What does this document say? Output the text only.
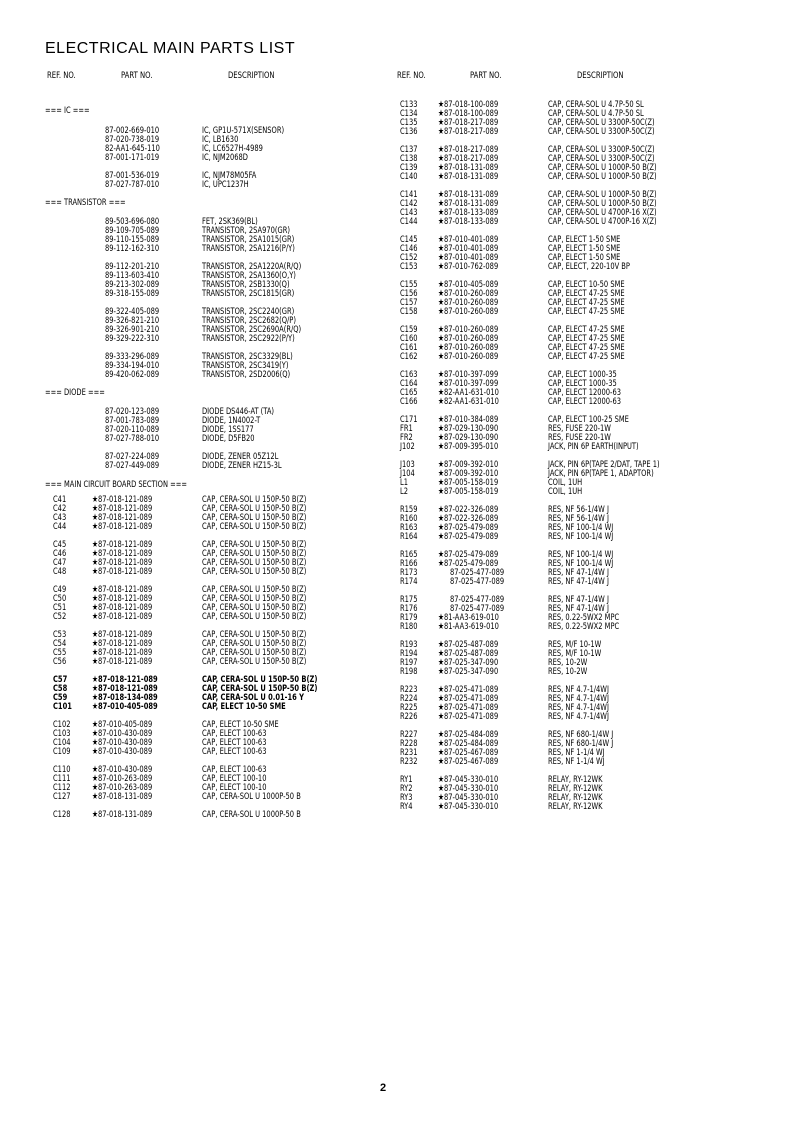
ELECTRICAL MAIN PARTS LIST
REF. NO.	PART NO.	DESCRIPTION
=== IC ===
87-002-669-010	IC, GP1U-571X(SENSOR)
87-020-738-019	IC, LB1630
82-AA1-645-110	IC, LC6527H-4989
87-001-171-019	IC, NJM2068D
87-001-536-019	IC, NJM78M05FA
87-027-787-010	IC, UPC1237H
=== TRANSISTOR ===
89-503-696-080	FET, 2SK369(BL)
89-109-705-089	TRANSISTOR, 2SA970(GR)
89-110-155-089	TRANSISTOR, 2SA1015(GR)
89-112-162-310	TRANSISTOR, 2SA1216(P/Y)
89-112-201-210	TRANSISTOR, 2SA1220A(R/Q)
89-113-603-410	TRANSISTOR, 2SA1360(O,Y)
89-213-302-089	TRANSISTOR, 2SB1330(Q)
89-318-155-089	TRANSISTOR, 2SC1815(GR)
89-322-405-089	TRANSISTOR, 2SC2240(GR)
89-326-821-210	TRANSISTOR, 2SC2682(Q/P)
89-326-901-210	TRANSISTOR, 2SC2690A(R/Q)
89-329-222-310	TRANSISTOR, 2SC2922(P/Y)
89-333-296-089	TRANSISTOR, 2SC3329(BL)
89-334-194-010	TRANSISTOR, 2SC3419(Y)
89-420-062-089	TRANSISTOR, 2SD2006(Q)
=== DIODE ===
87-020-123-089	DIODE DS446-AT (TA)
87-001-783-089	DIODE, 1N4002-T
87-020-110-089	DIODE, 1SS177
87-027-788-010	DIODE, D5FB20
87-027-224-089	DIODE, ZENER 05Z12L
87-027-449-089	DIODE, ZENER HZ15-3L
=== MAIN CIRCUIT BOARD SECTION ===
C41	★87-018-121-089	CAP, CERA-SOL U 150P-50 B(Z)
C42	★87-018-121-089	CAP, CERA-SOL U 150P-50 B(Z)
C43	★87-018-121-089	CAP, CERA-SOL U 150P-50 B(Z)
C44	★87-018-121-089	CAP, CERA-SOL U 150P-50 B(Z)
C45	★87-018-121-089	CAP, CERA-SOL U 150P-50 B(Z)
C46	★87-018-121-089	CAP, CERA-SOL U 150P-50 B(Z)
C47	★87-018-121-089	CAP, CERA-SOL U 150P-50 B(Z)
C48	★87-018-121-089	CAP, CERA-SOL U 150P-50 B(Z)
C49	★87-018-121-089	CAP, CERA-SOL U 150P-50 B(Z)
C50	★87-018-121-089	CAP, CERA-SOL U 150P-50 B(Z)
C51	★87-018-121-089	CAP, CERA-SOL U 150P-50 B(Z)
C52	★87-018-121-089	CAP, CERA-SOL U 150P-50 B(Z)
C53	★87-018-121-089	CAP, CERA-SOL U 150P-50 B(Z)
C54	★87-018-121-089	CAP, CERA-SOL U 150P-50 B(Z)
C55	★87-018-121-089	CAP, CERA-SOL U 150P-50 B(Z)
C56	★87-018-121-089	CAP, CERA-SOL U 150P-50 B(Z)
C57	★87-018-121-089	CAP, CERA-SOL U 150P-50 B(Z)
C58	★87-018-121-089	CAP, CERA-SOL U 150P-50 B(Z)
C59	★87-018-134-089	CAP, CERA-SOL U 0.01-16 Y
C101 ★87-010-405-089	CAP, ELECT 10-50 SME
C102 ★87-010-405-089	CAP, ELECT 10-50 SME
C103 ★87-010-430-089	CAP, ELECT 100-63
C104 ★87-010-430-089	CAP, ELECT 100-63
C109 ★87-010-430-089	CAP, ELECT 100-63
C110 ★87-010-430-089	CAP, ELECT 100-63
C111 ★87-010-263-089	CAP, ELECT 100-10
C112 ★87-010-263-089	CAP, ELECT 100-10
C127 ★87-018-131-089	CAP, CERA-SOL U 1000P-50 B
C128 ★87-018-131-089	CAP, CERA-SOL U 1000P-50 B
REF. NO.	PART NO.	DESCRIPTION
C133 ★87-018-100-089	CAP, CERA-SOL U 4.7P-50 SL
C134 ★87-018-100-089	CAP, CERA-SOL U 4.7P-50 SL
C135 ★87-018-217-089	CAP, CERA-SOL U 3300P-50C(Z)
C136 ★87-018-217-089	CAP, CERA-SOL U 3300P-50C(Z)
C137 ★87-018-217-089	CAP, CERA-SOL U 3300P-50C(Z)
C138 ★87-018-217-089	CAP, CERA-SOL U 3300P-50C(Z)
C139 ★87-018-131-089	CAP, CERA-SOL U 1000P-50 B(Z)
C140 ★87-018-131-089	CAP, CERA-SOL U 1000P-50 B(Z)
C141 ★87-018-131-089	CAP, CERA-SOL U 1000P-50 B(Z)
C142 ★87-018-131-089	CAP, CERA-SOL U 1000P-50 B(Z)
C143 ★87-018-133-089	CAP, CERA-SOL U 4700P-16 X(Z)
C144 ★87-018-133-089	CAP, CERA-SOL U 4700P-16 X(Z)
C145 ★87-010-401-089	CAP, ELECT 1-50 SME
C146 ★87-010-401-089	CAP, ELECT 1-50 SME
C152 ★87-010-401-089	CAP, ELECT 1-50 SME
C153 ★87-010-762-089	CAP, ELECT, 220-10V BP
C155 ★87-010-405-089	CAP, ELECT 10-50 SME
C156 ★87-010-260-089	CAP, ELECT 47-25 SME
C157 ★87-010-260-089	CAP, ELECT 47-25 SME
C158 ★87-010-260-089	CAP, ELECT 47-25 SME
C159 ★87-010-260-089	CAP, ELECT 47-25 SME
C160 ★87-010-260-089	CAP, ELECT 47-25 SME
C161 ★87-010-260-089	CAP, ELECT 47-25 SME
C162 ★87-010-260-089	CAP, ELECT 47-25 SME
C163 ★87-010-397-099	CAP, ELECT 1000-35
C164 ★87-010-397-099	CAP, ELECT 1000-35
C165 ★82-AA1-631-010	CAP, ELECT 12000-63
C166 ★82-AA1-631-010	CAP, ELECT 12000-63
C171 ★87-010-384-089	CAP, ELECT 100-25 SME
FR1	★87-029-130-090	RES, FUSE 220-1W
FR2	★87-029-130-090	RES, FUSE 220-1W
J102	★87-009-395-010	JACK, PIN 6P EARTH(INPUT)
J103	★87-009-392-010	JACK, PIN 6P(TAPE 2/DAT, TAPE 1)
J104	★87-009-392-010	JACK, PIN 6P(TAPE 1, ADAPTOR)
L1	★87-005-158-019	COIL, 1UH
L2	★87-005-158-019	COIL, 1UH
R159 ★87-022-326-089	RES, NF 56-1/4W J
R160 ★87-022-326-089	RES, NF 56-1/4W J
R163 ★87-025-479-089	RES, NF 100-1/4 WJ
R164 ★87-025-479-089	RES, NF 100-1/4 WJ
R165 ★87-025-479-089	RES, NF 100-1/4 WJ
R166 ★87-025-479-089	RES, NF 100-1/4 WJ
R173	87-025-477-089	RES, NF 47-1/4W J
R174	87-025-477-089	RES, NF 47-1/4W J
R175	87-025-477-089	RES, NF 47-1/4W J
R176	87-025-477-089	RES, NF 47-1/4W J
R179 ★81-AA3-619-010	RES, 0.22-5WX2 MPC
R180 ★81-AA3-619-010	RES, 0.22-5WX2 MPC
R193 ★87-025-487-089	RES, M/F 10-1W
R194 ★87-025-487-089	RES, M/F 10-1W
R197 ★87-025-347-090	RES, 10-2W
R198 ★87-025-347-090	RES, 10-2W
R223 ★87-025-471-089	RES, NF 4.7-1/4WJ
R224 ★87-025-471-089	RES, NF 4.7-1/4WJ
R225 ★87-025-471-089	RES, NF 4.7-1/4WJ
R226 ★87-025-471-089	RES, NF 4.7-1/4WJ
R227 ★87-025-484-089	RES, NF 680-1/4W J
R228 ★87-025-484-089	RES, NF 680-1/4W J
R231 ★87-025-467-089	RES, NF 1-1/4 WJ
R232 ★87-025-467-089	RES, NF 1-1/4 WJ
RY1	★87-045-330-010	RELAY, RY-12WK
RY2	★87-045-330-010	RELAY, RY-12WK
RY3	★87-045-330-010	RELAY, RY-12WK
RY4	★87-045-330-010	RELAY, RY-12WK
2
